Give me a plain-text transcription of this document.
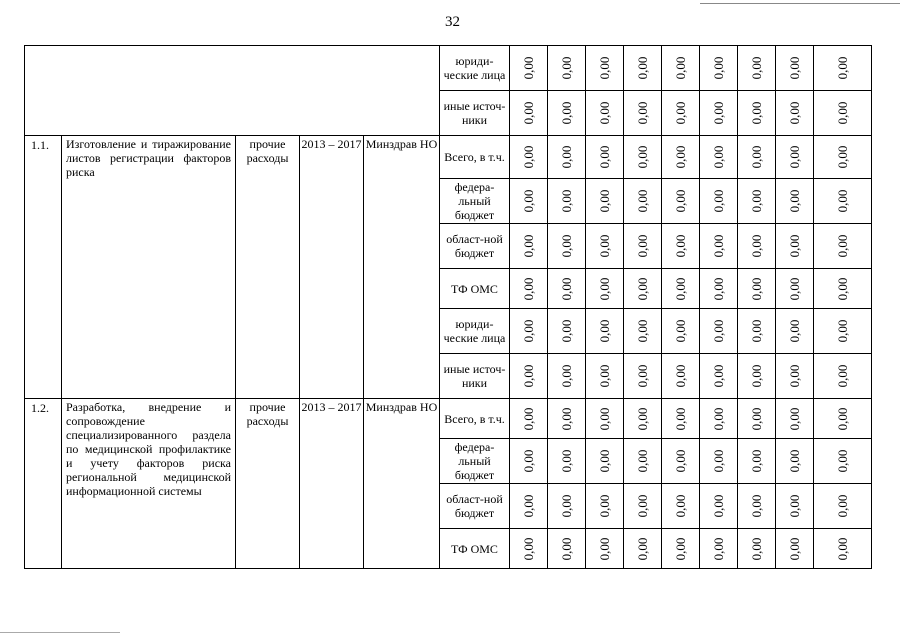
32
					юриди-ческие лица	0,00	0,00	0,00	0,00	0,00	0,00	0,00	0,00	0,00

					иные источ-ники	0,00	0,00	0,00	0,00	0,00	0,00	0,00	0,00	0,00

1.1.	Изготовление и тиражирование листов регистрации факторов риска	прочие расходы	2013 – 2017	Минздрав НО	Всего, в т.ч.	0,00	0,00	0,00	0,00	0,00	0,00	0,00	0,00	0,00

					федера-льный бюджет	0,00	0,00	0,00	0,00	0,00	0,00	0,00	0,00	0,00

					област-ной бюджет	0,00	0,00	0,00	0,00	0,00	0,00	0,00	0,00	0,00

					ТФ ОМС	0,00	0,00	0,00	0,00	0,00	0,00	0,00	0,00	0,00

					юриди-ческие лица	0,00	0,00	0,00	0,00	0,00	0,00	0,00	0,00	0,00

					иные источ-ники	0,00	0,00	0,00	0,00	0,00	0,00	0,00	0,00	0,00

1.2.	Разработка, внедрение и сопровождение специализированного раздела по медицинской профилактике и учету факторов риска региональной медицинской информационной системы	прочие расходы	2013 – 2017	Минздрав НО	Всего, в т.ч.	0,00	0,00	0,00	0,00	0,00	0,00	0,00	0,00	0,00

					федера-льный бюджет	0,00	0,00	0,00	0,00	0,00	0,00	0,00	0,00	0,00

					област-ной бюджет	0,00	0,00	0,00	0,00	0,00	0,00	0,00	0,00	0,00

					ТФ ОМС	0,00	0,00	0,00	0,00	0,00	0,00	0,00	0,00	0,00
